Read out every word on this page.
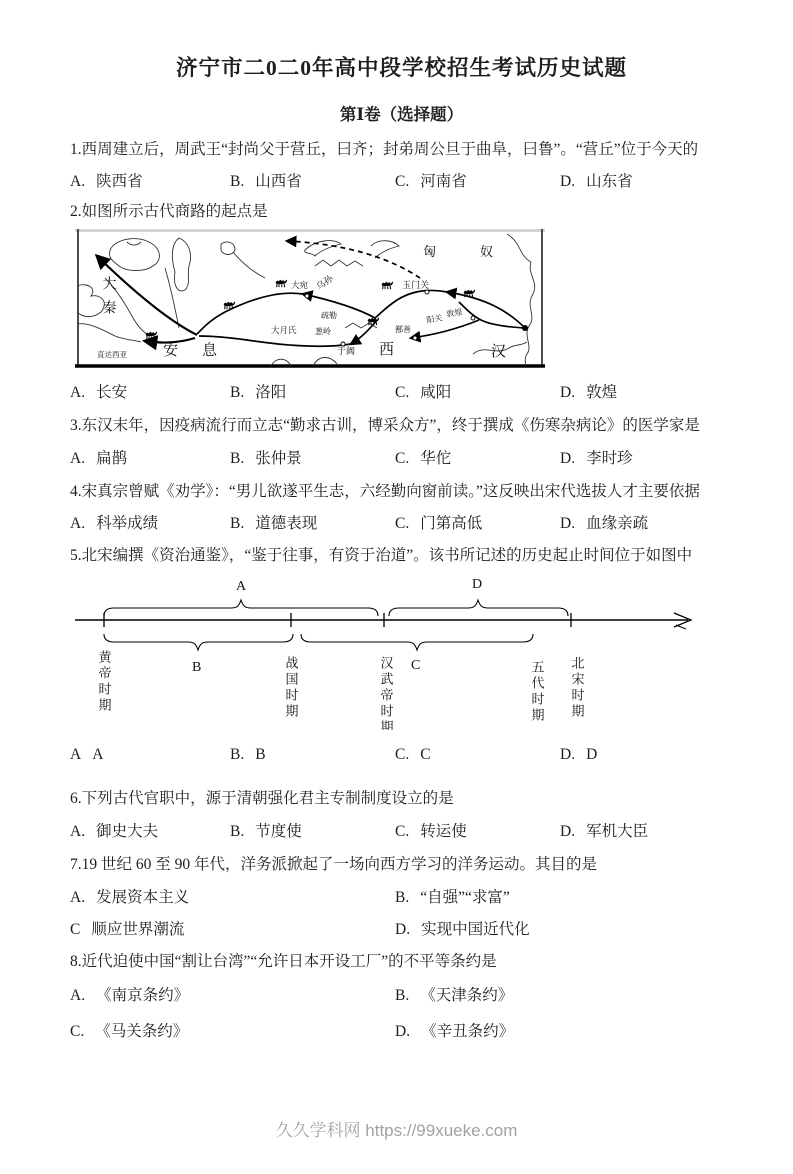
济宁市二0二0年高中段学校招生考试历史试题
第Ⅰ卷（选择题）

1.西周建立后，周武王“封尚父于营丘，曰齐；封弟周公旦于曲阜，曰鲁”。“营丘”位于今天的

A. 陕西省	B. 山西省	C. 河南省	D. 山东省

2.如图所示古代商路的起点是

匈奴
乌孙
大宛
疏勒
大月氏 葱岭
玉门关
阳关
敦煌
鄯善
于阗 西	汉
大秦
安息
直达西亚
A. 长安	B. 洛阳	C. 咸阳	D. 敦煌

3.东汉末年，因疫病流行而立志“勤求古训，博采众方”，终于撰成《伤寒杂病论》的医学家是

A. 扁鹊	B. 张仲景	C. 华佗	D. 李时珍

4.宋真宗曾赋《劝学》：“男儿欲遂平生志，六经勤向窗前读。”这反映出宋代选拔人才主要依据

A. 科举成绩	B. 道德表现	C. 门第高低	D. 血缘亲疏

5.北宋编撰《资治通鉴》，“鉴于往事，有资于治道”。该书所记述的历史起止时间位于如图中

A	D
B	C
黄帝时期	战国时期	汉武帝时期	五代时期 北宋时期
A A	B. B	C. C	D. D

6.下列古代官职中，源于清朝强化君主专制制度设立的是

A. 御史大夫	B. 节度使	C. 转运使	D. 军机大臣

7.19 世纪 60 至 90 年代，洋务派掀起了一场向西方学习的洋务运动。其目的是

A. 发展资本主义	B. “自强”“求富”
C 顺应世界潮流	D. 实现中国近代化

8.近代迫使中国“割让台湾”“允许日本开设工厂”的不平等条约是

A. 《南京条约》	B. 《天津条约》
C. 《马关条约》	D. 《辛丑条约》
久久学科网 https://99xueke.com
